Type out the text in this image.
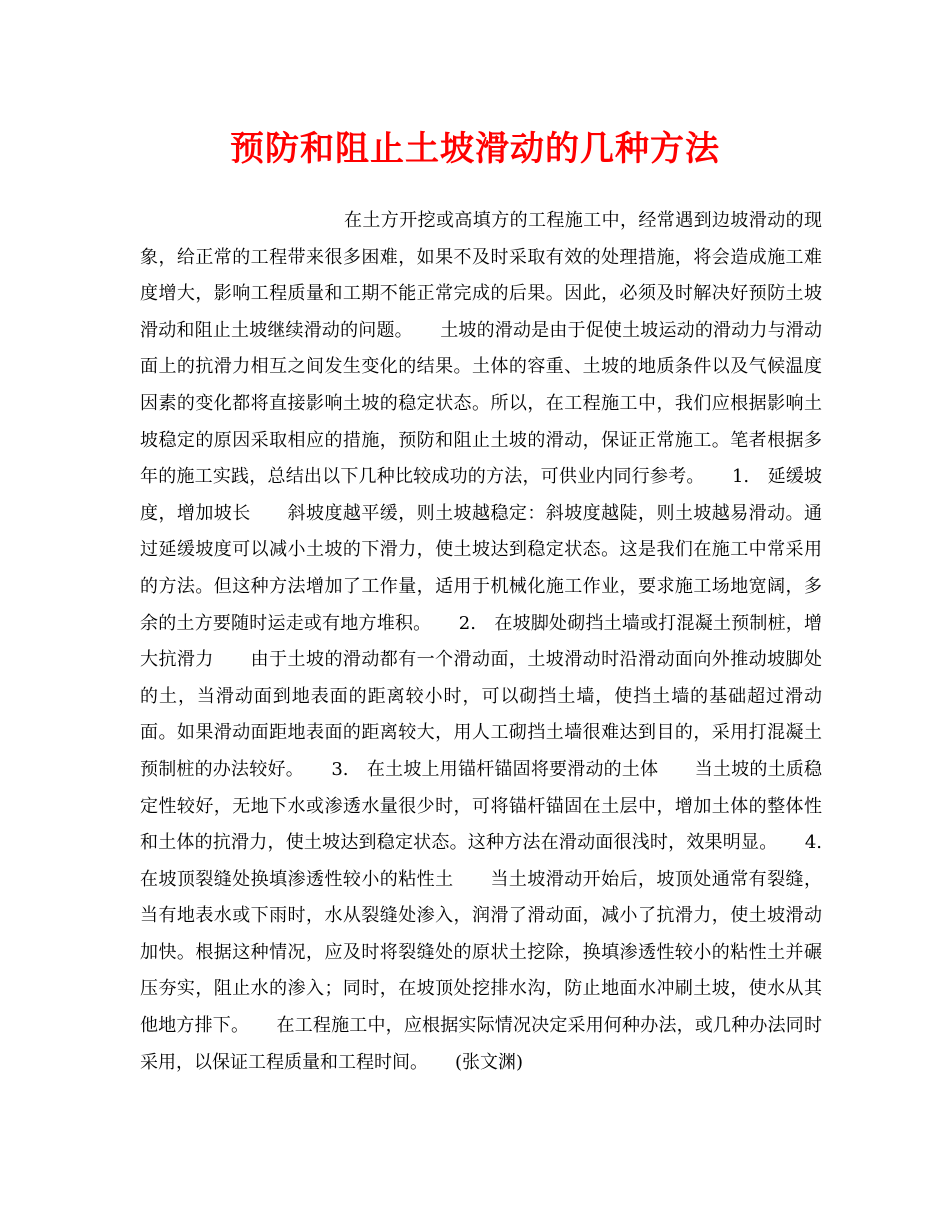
预防和阻止土坡滑动的几种方法

在土方开挖或高填方的工程施工中，经常遇到边坡滑动的现象，给正常的工程带来很多困难，如果不及时采取有效的处理措施，将会造成施工难度增大，影响工程质量和工期不能正常完成的后果。因此，必须及时解决好预防土坡滑动和阻止土坡继续滑动的问题。　　土坡的滑动是由于促使土坡运动的滑动力与滑动面上的抗滑力相互之间发生变化的结果。土体的容重、土坡的地质条件以及气候温度因素的变化都将直接影响土坡的稳定状态。所以，在工程施工中，我们应根据影响土坡稳定的原因采取相应的措施，预防和阻止土坡的滑动，保证正常施工。笔者根据多年的施工实践，总结出以下几种比较成功的方法，可供业内同行参考。　　1.　延缓坡度，增加坡长　　斜坡度越平缓，则土坡越稳定：斜坡度越陡，则土坡越易滑动。通过延缓坡度可以减小土坡的下滑力，使土坡达到稳定状态。这是我们在施工中常采用的方法。但这种方法增加了工作量，适用于机械化施工作业，要求施工场地宽阔，多余的土方要随时运走或有地方堆积。　　2.　在坡脚处砌挡土墙或打混凝土预制桩，增大抗滑力　　由于土坡的滑动都有一个滑动面，土坡滑动时沿滑动面向外推动坡脚处的土，当滑动面到地表面的距离较小时，可以砌挡土墙，使挡土墙的基础超过滑动面。如果滑动面距地表面的距离较大，用人工砌挡土墙很难达到目的，采用打混凝土预制桩的办法较好。　　3.　在土坡上用锚杆锚固将要滑动的土体　　当土坡的土质稳定性较好，无地下水或渗透水量很少时，可将锚杆锚固在土层中，增加土体的整体性和土体的抗滑力，使土坡达到稳定状态。这种方法在滑动面很浅时，效果明显。　　4.　在坡顶裂缝处换填渗透性较小的粘性土　　当土坡滑动开始后，坡顶处通常有裂缝，当有地表水或下雨时，水从裂缝处渗入，润滑了滑动面，减小了抗滑力，使土坡滑动加快。根据这种情况，应及时将裂缝处的原状土挖除，换填渗透性较小的粘性土并碾压夯实，阻止水的渗入；同时，在坡顶处挖排水沟，防止地面水冲刷土坡，使水从其他地方排下。　　在工程施工中，应根据实际情况决定采用何种办法，或几种办法同时采用，以保证工程质量和工程时间。　　(张文渊)
